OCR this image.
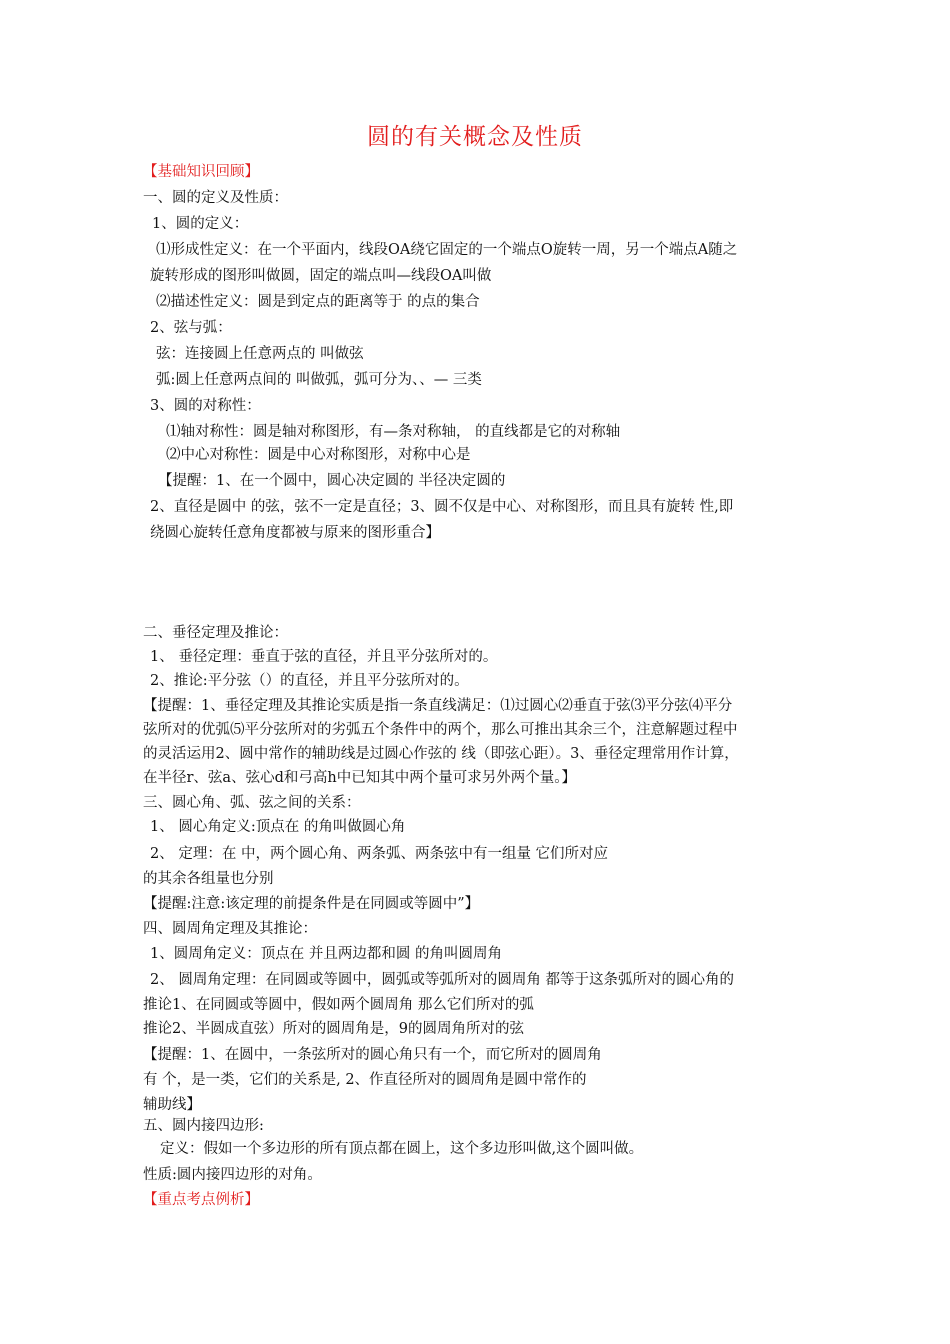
圆的有关概念及性质
【基础知识回顾】
一、圆的定义及性质：
1、圆的定义：
⑴形成性定义：在一个平面内，线段OA绕它固定的一个端点O旋转一周，另一个端点A随之
旋转形成的图形叫做圆，固定的端点叫—线段OA叫做
⑵描述性定义：圆是到定点的距离等于 的点的集合
2、弦与弧：
弦：连接圆上任意两点的 叫做弦
弧:圆上任意两点间的 叫做弧，弧可分为、、— 三类
3、圆的对称性：
⑴轴对称性：圆是轴对称图形，有—条对称轴， 的直线都是它的对称轴
⑵中心对称性：圆是中心对称图形，对称中心是
【提醒：1、在一个圆中，圆心决定圆的 半径决定圆的
2、直径是圆中 的弦，弦不一定是直径；3、圆不仅是中心、对称图形，而且具有旋转 性,即
绕圆心旋转任意角度都被与原来的图形重合】
二、垂径定理及推论：
1、 垂径定理：垂直于弦的直径，并且平分弦所对的。
2、推论:平分弦（）的直径，并且平分弦所对的。
【提醒：1、垂径定理及其推论实质是指一条直线满足：⑴过圆心⑵垂直于弦⑶平分弦⑷平分
弦所对的优弧⑸平分弦所对的劣弧五个条件中的两个，那么可推出其余三个，注意解题过程中
的灵活运用2、圆中常作的辅助线是过圆心作弦的 线（即弦心距）。3、垂径定理常用作计算，
在半径r、弦a、弦心d和弓高h中已知其中两个量可求另外两个量。】
三、圆心角、弧、弦之间的关系：
1、 圆心角定义:顶点在 的角叫做圆心角
2、 定理：在 中，两个圆心角、两条弧、两条弦中有一组量 它们所对应
的其余各组量也分别
【提醒:注意:该定理的前提条件是在同圆或等圆中”】
四、圆周角定理及其推论：
1、圆周角定义：顶点在 并且两边都和圆 的角叫圆周角
2、 圆周角定理：在同圆或等圆中，圆弧或等弧所对的圆周角 都等于这条弧所对的圆心角的
推论1、在同圆或等圆中，假如两个圆周角 那么它们所对的弧
推论2、半圆成直弦）所对的圆周角是，9的圆周角所对的弦
【提醒：1、在圆中，一条弦所对的圆心角只有一个，而它所对的圆周角
有 个，是一类，它们的关系是, 2、作直径所对的圆周角是圆中常作的
辅助线】
五、圆内接四边形:
定义：假如一个多边形的所有顶点都在圆上，这个多边形叫做,这个圆叫做。
性质:圆内接四边形的对角。
【重点考点例析】
